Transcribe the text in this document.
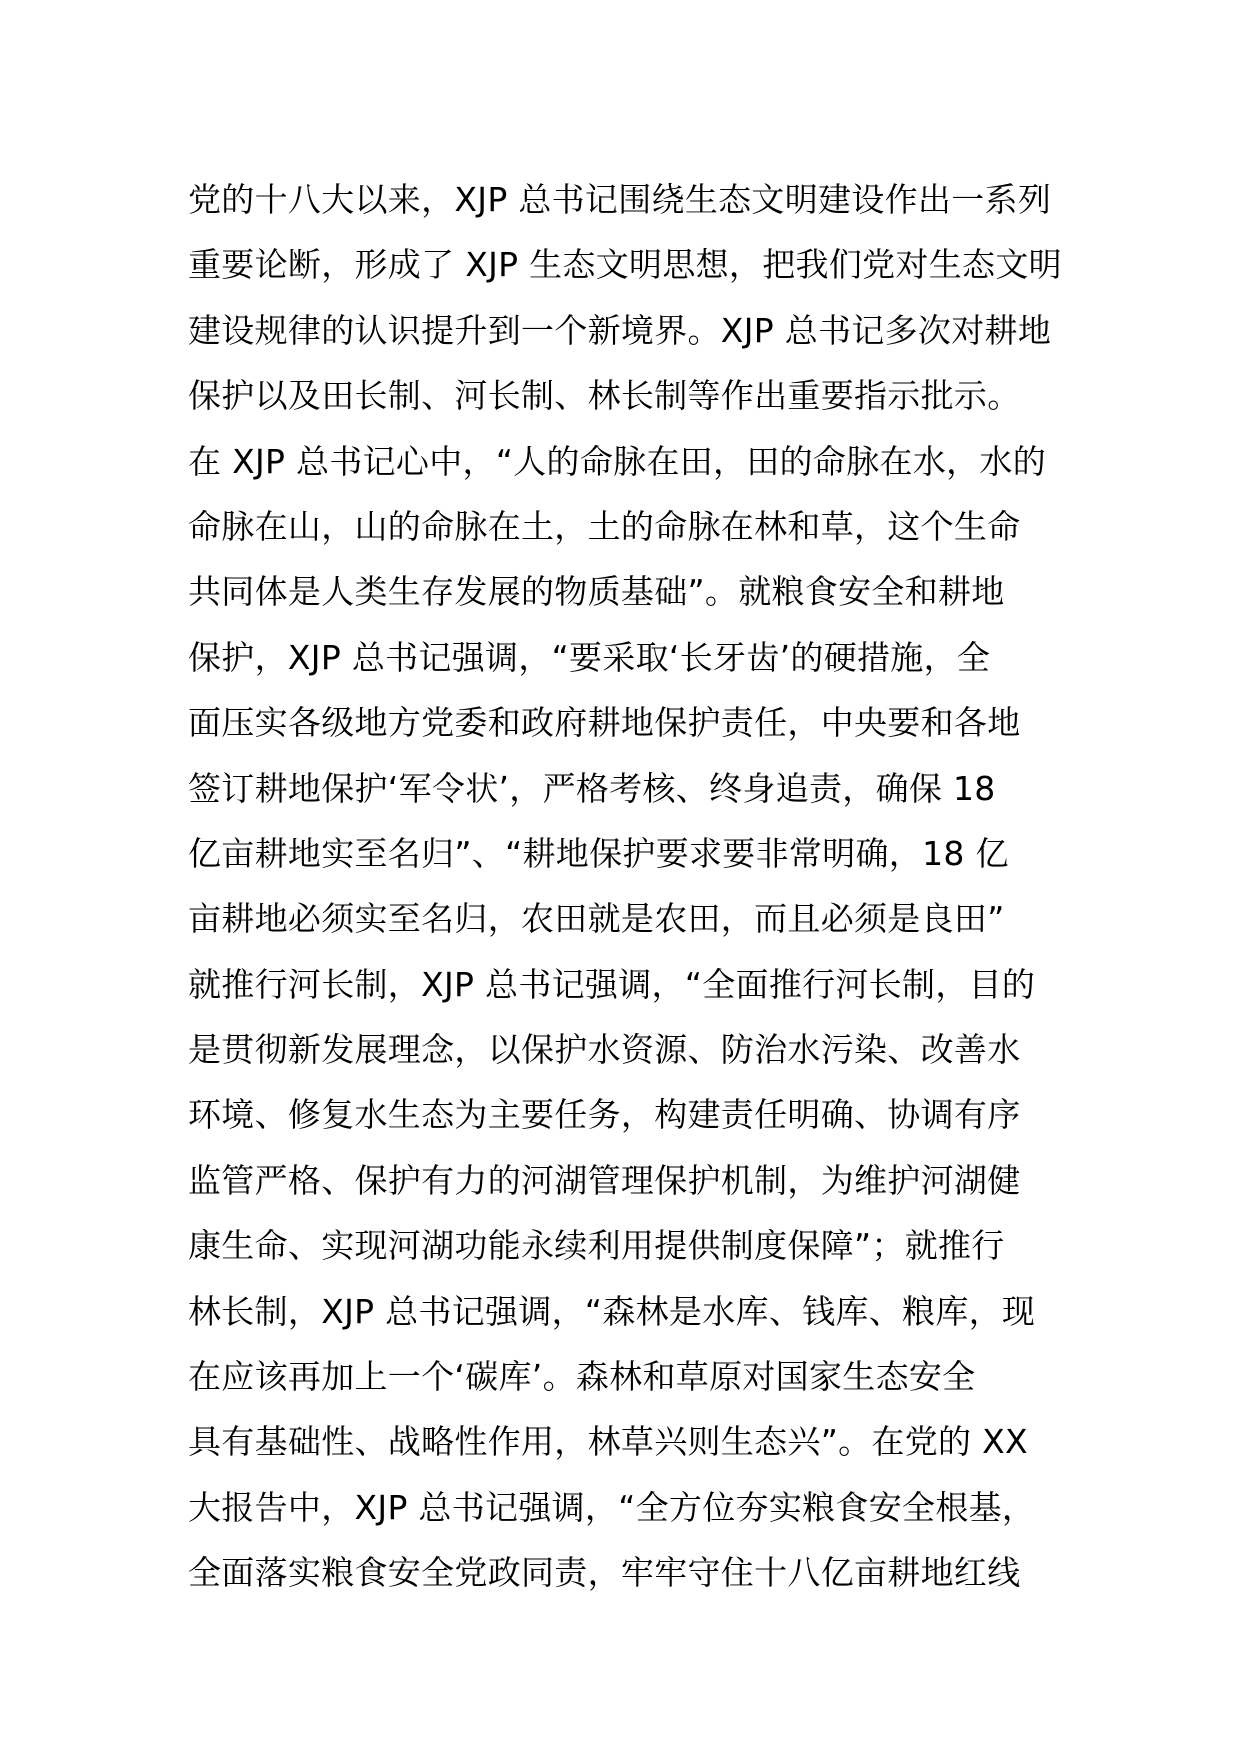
党的十八大以来，XJP 总书记围绕生态文明建设作出一系列
重要论断，形成了 XJP 生态文明思想，把我们党对生态文明
建设规律的认识提升到一个新境界。XJP 总书记多次对耕地
保护以及田长制、河长制、林长制等作出重要指示批示。
在 XJP 总书记心中，“人的命脉在田，田的命脉在水，水的
命脉在山，山的命脉在土，土的命脉在林和草，这个生命
共同体是人类生存发展的物质基础”。就粮食安全和耕地
保护，XJP 总书记强调，“要采取‘长牙齿’的硬措施，全
面压实各级地方党委和政府耕地保护责任，中央要和各地
签订耕地保护‘军令状’，严格考核、终身追责，确保 18
亿亩耕地实至名归”、“耕地保护要求要非常明确，18 亿
亩耕地必须实至名归，农田就是农田，而且必须是良田”
就推行河长制，XJP 总书记强调，“全面推行河长制，目的
是贯彻新发展理念，以保护水资源、防治水污染、改善水
环境、修复水生态为主要任务，构建责任明确、协调有序
监管严格、保护有力的河湖管理保护机制，为维护河湖健
康生命、实现河湖功能永续利用提供制度保障”；就推行
林长制，XJP 总书记强调，“森林是水库、钱库、粮库，现
在应该再加上一个‘碳库’。森林和草原对国家生态安全
具有基础性、战略性作用，林草兴则生态兴”。在党的 XX
大报告中，XJP 总书记强调，“全方位夯实粮食安全根基，
全面落实粮食安全党政同责，牢牢守住十八亿亩耕地红线
